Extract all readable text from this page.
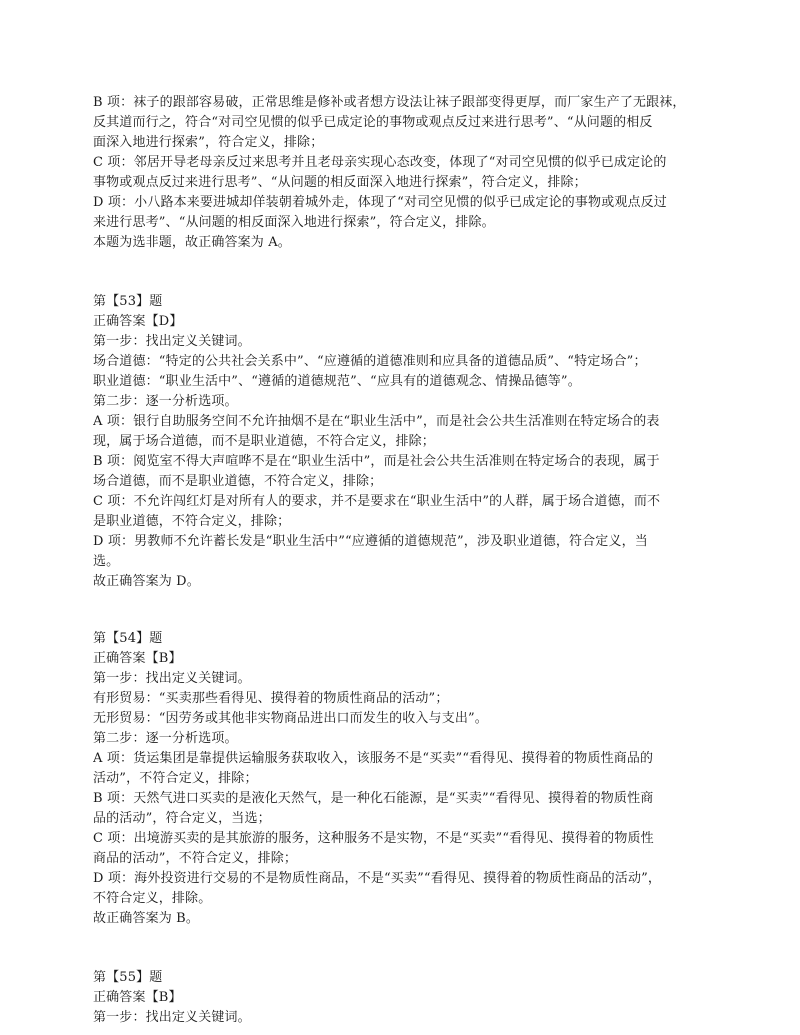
B 项：袜子的跟部容易破，正常思维是修补或者想方设法让袜子跟部变得更厚，而厂家生产了无跟袜，
反其道而行之，符合“对司空见惯的似乎已成定论的事物或观点反过来进行思考”、“从问题的相反
面深入地进行探索”，符合定义，排除；
C 项：邻居开导老母亲反过来思考并且老母亲实现心态改变，体现了“对司空见惯的似乎已成定论的
事物或观点反过来进行思考”、“从问题的相反面深入地进行探索”，符合定义，排除；
D 项：小八路本来要进城却佯装朝着城外走，体现了“对司空见惯的似乎已成定论的事物或观点反过
来进行思考”、“从问题的相反面深入地进行探索”，符合定义，排除。
本题为选非题，故正确答案为 A。
第【53】题
正确答案【D】
第一步：找出定义关键词。
场合道德：“特定的公共社会关系中”、“应遵循的道德准则和应具备的道德品质”、“特定场合”；
职业道德：“职业生活中”、“遵循的道德规范”、“应具有的道德观念、情操品德等”。
第二步：逐一分析选项。
A 项：银行自助服务空间不允许抽烟不是在“职业生活中”，而是社会公共生活准则在特定场合的表
现，属于场合道德，而不是职业道德，不符合定义，排除；
B 项：阅览室不得大声喧哗不是在“职业生活中”，而是社会公共生活准则在特定场合的表现，属于
场合道德，而不是职业道德，不符合定义，排除；
C 项：不允许闯红灯是对所有人的要求，并不是要求在“职业生活中”的人群，属于场合道德，而不
是职业道德，不符合定义，排除；
D 项：男教师不允许蓄长发是“职业生活中”“应遵循的道德规范”，涉及职业道德，符合定义，当
选。
故正确答案为 D。
第【54】题
正确答案【B】
第一步：找出定义关键词。
有形贸易：“买卖那些看得见、摸得着的物质性商品的活动”；
无形贸易：“因劳务或其他非实物商品进出口而发生的收入与支出”。
第二步：逐一分析选项。
A 项：货运集团是靠提供运输服务获取收入，该服务不是“买卖”“看得见、摸得着的物质性商品的
活动”，不符合定义，排除；
B 项：天然气进口买卖的是液化天然气，是一种化石能源，是“买卖”“看得见、摸得着的物质性商
品的活动”，符合定义，当选；
C 项：出境游买卖的是其旅游的服务，这种服务不是实物，不是“买卖”“看得见、摸得着的物质性
商品的活动”，不符合定义，排除；
D 项：海外投资进行交易的不是物质性商品，不是“买卖”“看得见、摸得着的物质性商品的活动”，
不符合定义，排除。
故正确答案为 B。
第【55】题
正确答案【B】
第一步：找出定义关键词。
